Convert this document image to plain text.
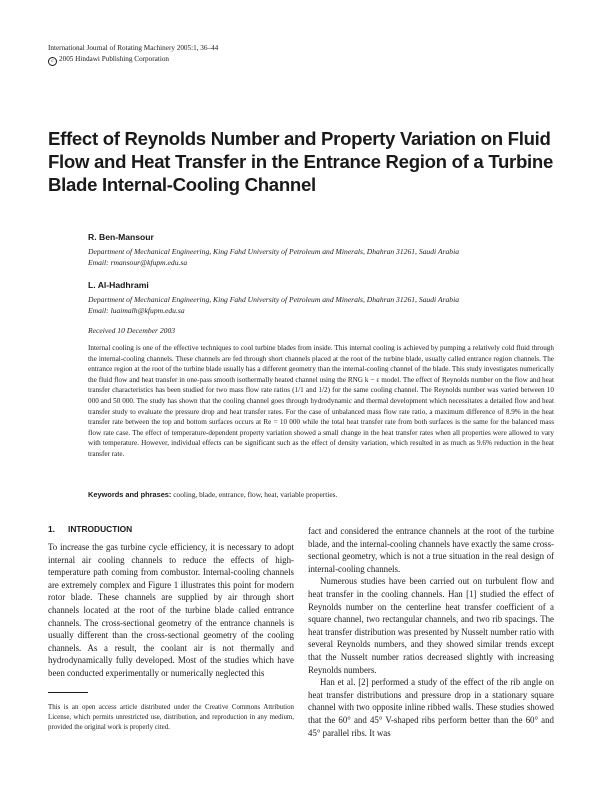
International Journal of Rotating Machinery 2005:1, 36–44
c 2005 Hindawi Publishing Corporation
Effect of Reynolds Number and Property Variation on Fluid Flow and Heat Transfer in the Entrance Region of a Turbine Blade Internal-Cooling Channel
R. Ben-Mansour
Department of Mechanical Engineering, King Fahd University of Petroleum and Minerals, Dhahran 31261, Saudi Arabia
Email: rmansour@kfupm.edu.sa
L. Al-Hadhrami
Department of Mechanical Engineering, King Fahd University of Petroleum and Minerals, Dhahran 31261, Saudi Arabia
Email: luaimalh@kfupm.edu.sa
Received 10 December 2003

Internal cooling is one of the effective techniques to cool turbine blades from inside. This internal cooling is achieved by pumping a relatively cold fluid through the internal-cooling channels. These channels are fed through short channels placed at the root of the turbine blade, usually called entrance region channels. The entrance region at the root of the turbine blade usually has a different geometry than the internal-cooling channel of the blade. This study investigates numerically the fluid flow and heat transfer in one-pass smooth isothermally heated channel using the RNG k − ε model. The effect of Reynolds number on the flow and heat transfer characteristics has been studied for two mass flow rate ratios (1/1 and 1/2) for the same cooling channel. The Reynolds number was varied between 10 000 and 50 000. The study has shown that the cooling channel goes through hydrodynamic and thermal development which necessitates a detailed flow and heat transfer study to evaluate the pressure drop and heat transfer rates. For the case of unbalanced mass flow rate ratio, a maximum difference of 8.9% in the heat transfer rate between the top and bottom surfaces occurs at Re = 10 000 while the total heat transfer rate from both surfaces is the same for the balanced mass flow rate case. The effect of temperature-dependent property variation showed a small change in the heat transfer rates when all properties were allowed to vary with temperature. However, individual effects can be significant such as the effect of density variation, which resulted in as much as 9.6% reduction in the heat transfer rate.

Keywords and phrases: cooling, blade, entrance, flow, heat, variable properties.
1. INTRODUCTION

To increase the gas turbine cycle efficiency, it is necessary to adopt internal air cooling channels to reduce the effects of high-temperature path coming from combustor. Internal-cooling channels are extremely complex and Figure 1 illustrates this point for modern rotor blade. These channels are supplied by air through short channels located at the root of the turbine blade called entrance channels. The cross-sectional geometry of the entrance channels is usually different than the cross-sectional geometry of the cooling channels. As a result, the coolant air is not thermally and hydrodynamically fully developed. Most of the studies which have been conducted experimentally or numerically neglected this

fact and considered the entrance channels at the root of the turbine blade, and the internal-cooling channels have exactly the same cross-sectional geometry, which is not a true situation in the real design of internal-cooling channels.

Numerous studies have been carried out on turbulent flow and heat transfer in the cooling channels. Han [1] studied the effect of Reynolds number on the centerline heat transfer coefficient of a square channel, two rectangular channels, and two rib spacings. The heat transfer distribution was presented by Nusselt number ratio with several Reynolds numbers, and they showed similar trends except that the Nusselt number ratios decreased slightly with increasing Reynolds numbers.

Han et al. [2] performed a study of the effect of the rib angle on heat transfer distributions and pressure drop in a stationary square channel with two opposite inline ribbed walls. These studies showed that the 60° and 45° V-shaped ribs perform better than the 60° and 45° parallel ribs. It was

This is an open access article distributed under the Creative Commons Attribution License, which permits unrestricted use, distribution, and reproduction in any medium, provided the original work is properly cited.
